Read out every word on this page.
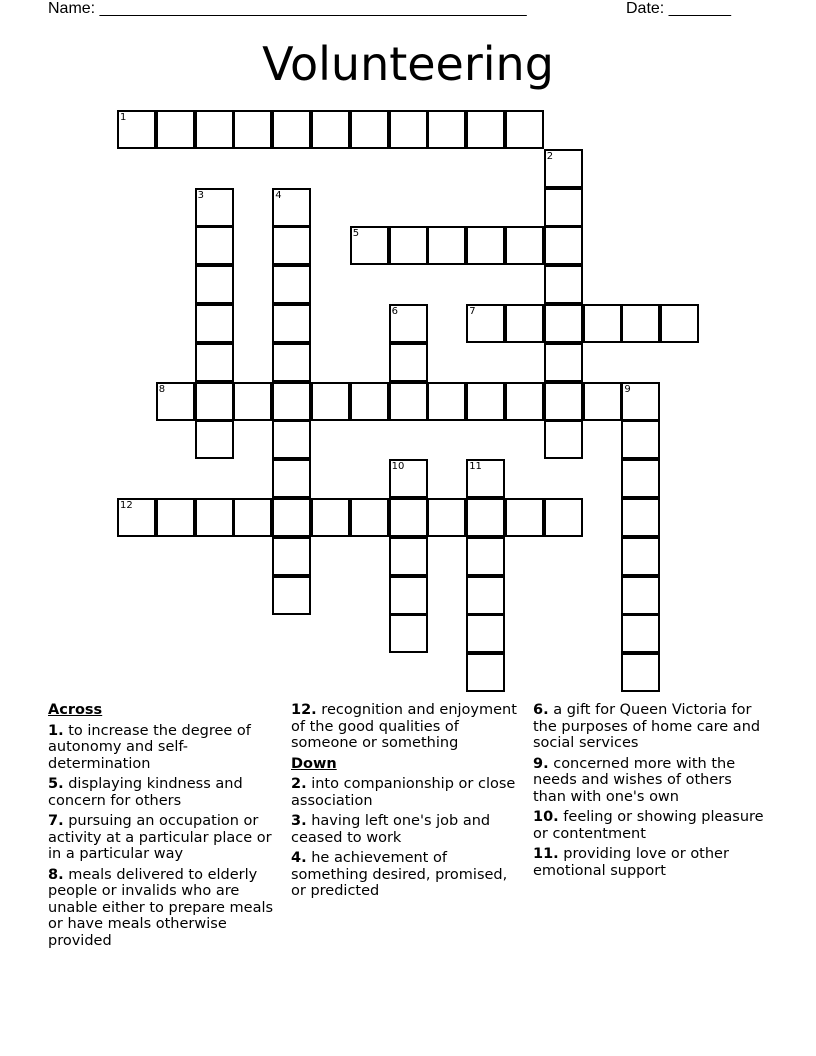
Name: ________________________________________________	Date: _______
Volunteering
1
2
3	4
5
6	7
8	9
10	11
12
Across
1. to increase the degree of autonomy and self-determination
5. displaying kindness and concern for others
7. pursuing an occupation or activity at a particular place or in a particular way
8. meals delivered to elderly people or invalids who are unable either to prepare meals or have meals otherwise provided
12. recognition and enjoyment of the good qualities of someone or something
Down
2. into companionship or close association
3. having left one's job and ceased to work
4. he achievement of something desired, promised, or predicted
6. a gift for Queen Victoria for the purposes of home care and social services
9. concerned more with the needs and wishes of others than with one's own
10. feeling or showing pleasure or contentment
11. providing love or other emotional support
